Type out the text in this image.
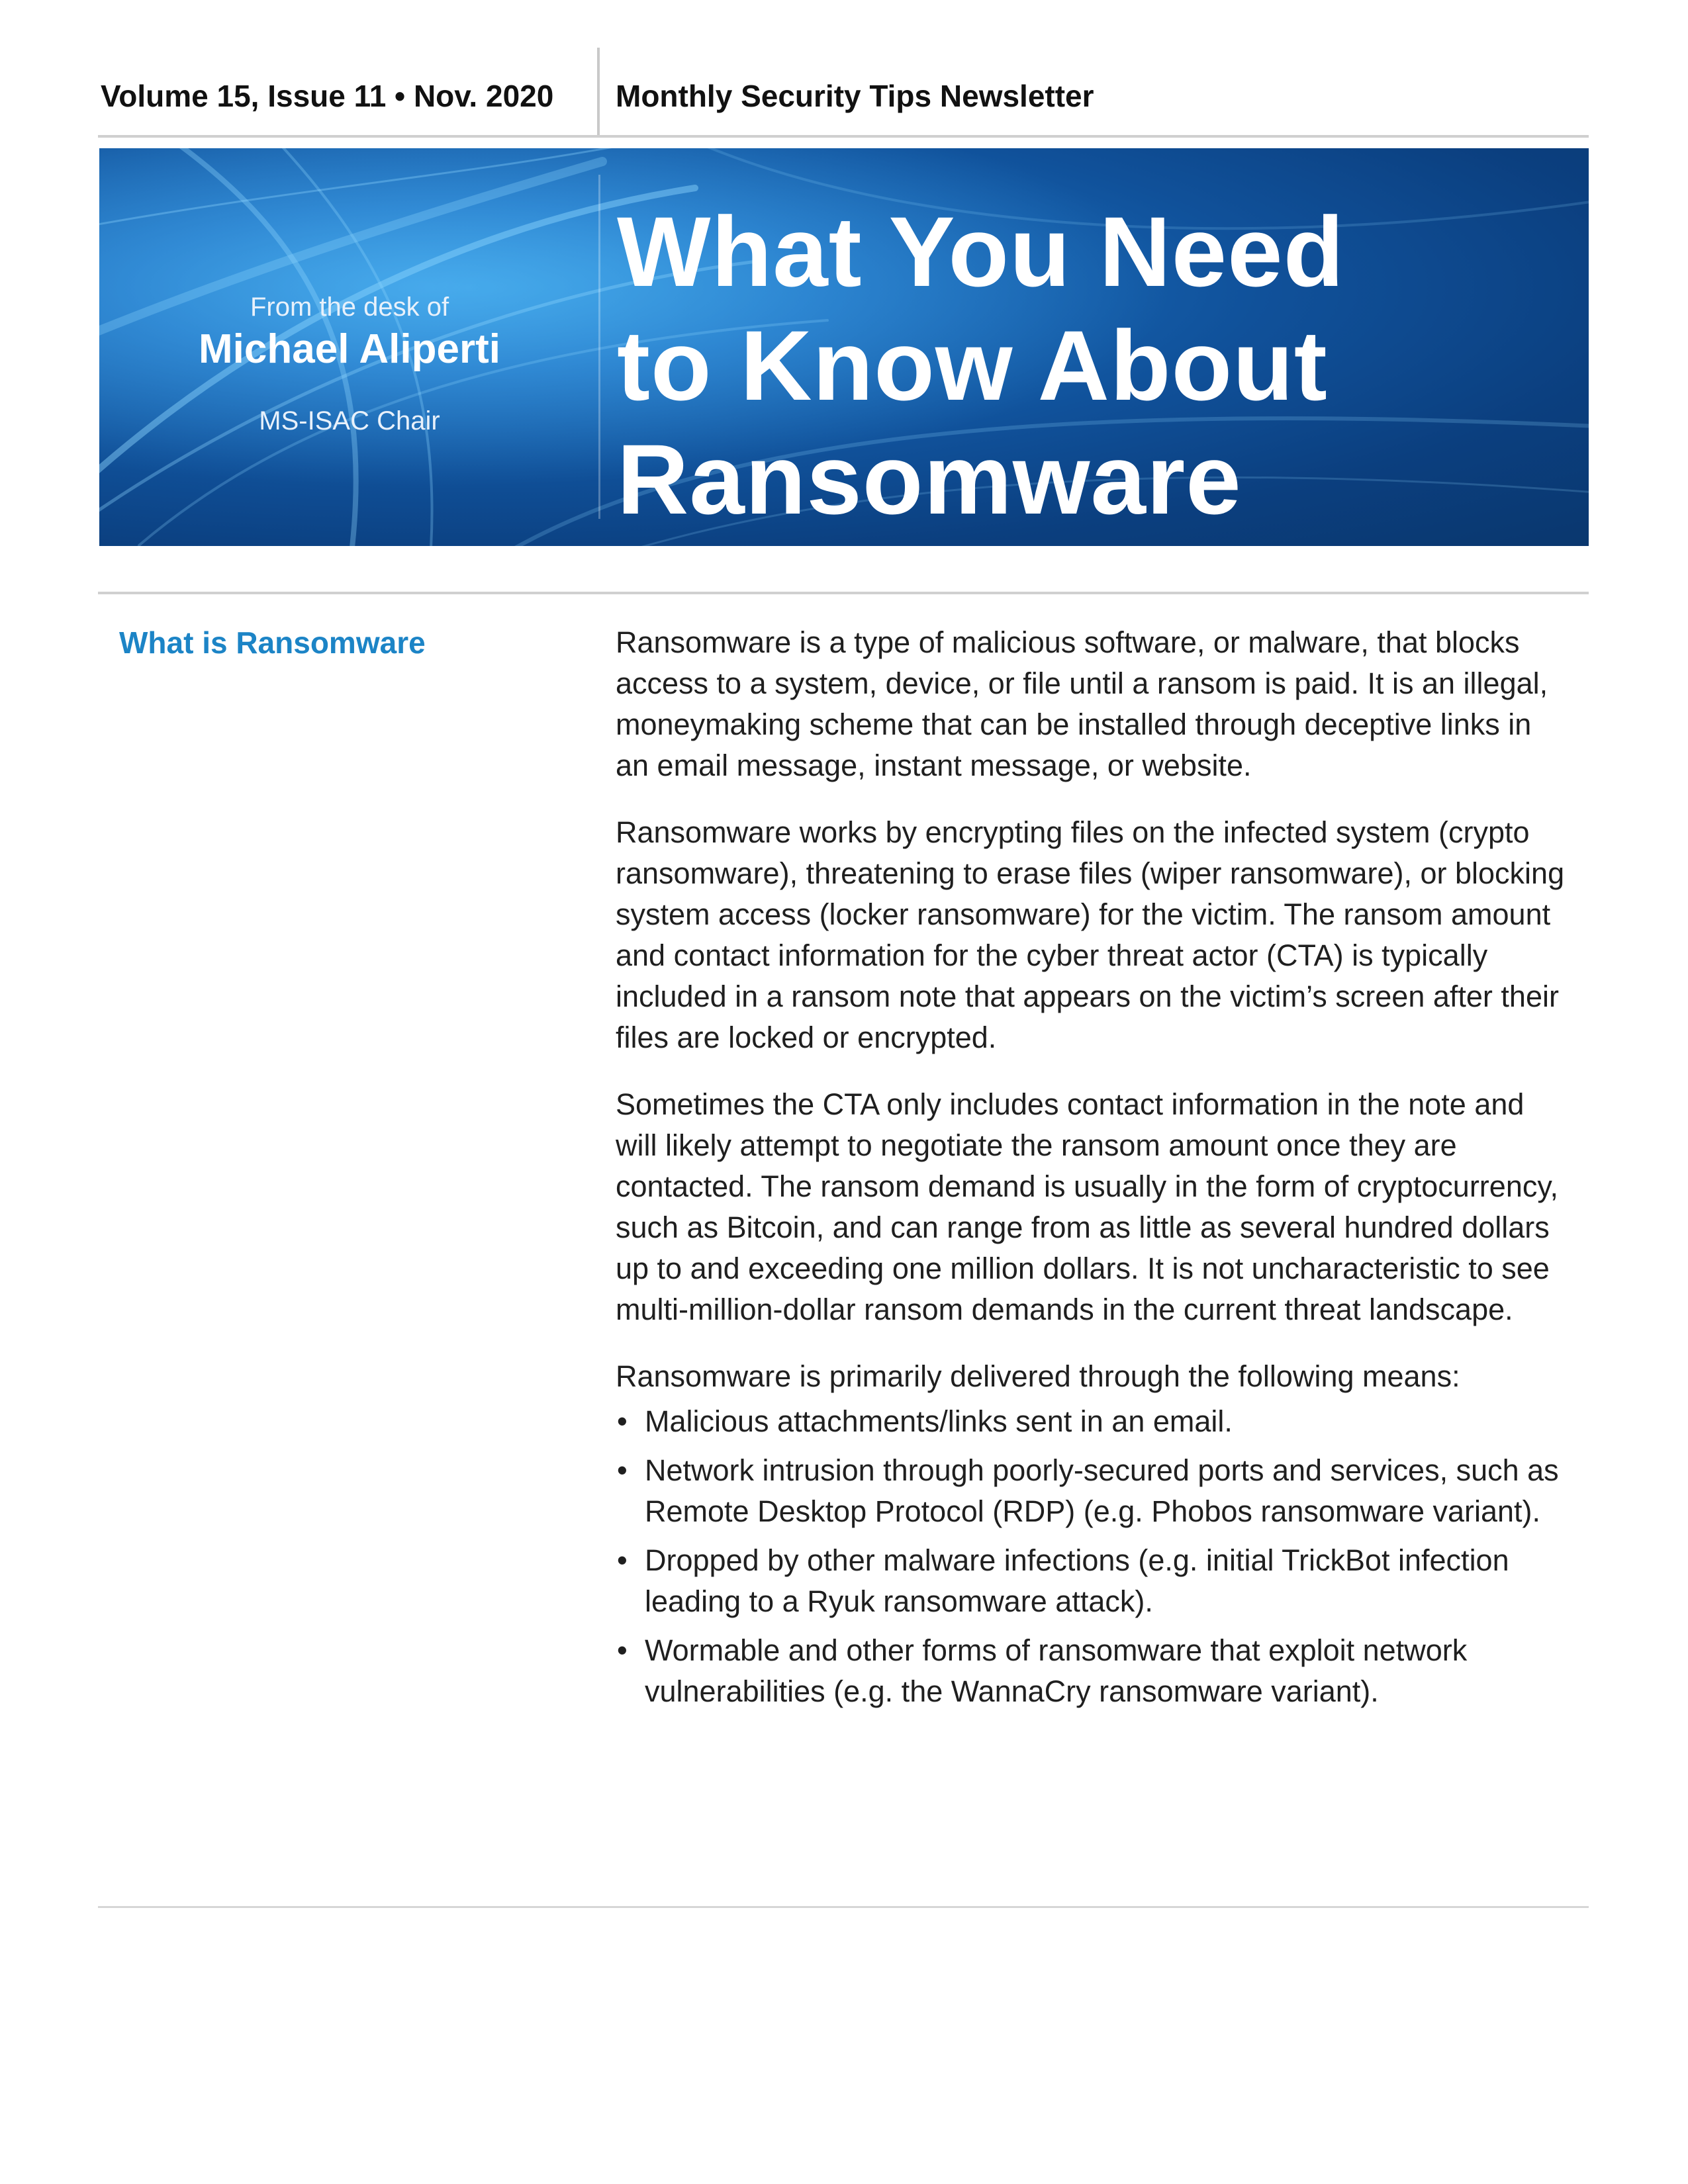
Volume 15, Issue 11 • Nov. 2020 Monthly Security Tips Newsletter
From the desk of
Michael Aliperti
MS-ISAC Chair
What You Need
to Know About
Ransomware
What is Ransomware	Ransomware is a type of malicious software, or malware, that blocks access to a system, device, or file until a ransom is paid. It is an illegal, moneymaking scheme that can be installed through deceptive links in an email message, instant message, or website.

Ransomware works by encrypting files on the infected system (crypto ransomware), threatening to erase files (wiper ransomware), or blocking system access (locker ransomware) for the victim. The ransom amount and contact information for the cyber threat actor (CTA) is typically included in a ransom note that appears on the victim’s screen after their files are locked or encrypted.

Sometimes the CTA only includes contact information in the note and will likely attempt to negotiate the ransom amount once they are contacted. The ransom demand is usually in the form of cryptocurrency, such as Bitcoin, and can range from as little as several hundred dollars up to and exceeding one million dollars. It is not uncharacteristic to see multi-million-dollar ransom demands in the current threat landscape.

Ransomware is primarily delivered through the following means:

• Malicious attachments/links sent in an email.
• Network intrusion through poorly-secured ports and services, such as Remote Desktop Protocol (RDP) (e.g. Phobos ransomware variant).
• Dropped by other malware infections (e.g. initial TrickBot infection leading to a Ryuk ransomware attack).
• Wormable and other forms of ransomware that exploit network vulnerabilities (e.g. the WannaCry ransomware variant).
